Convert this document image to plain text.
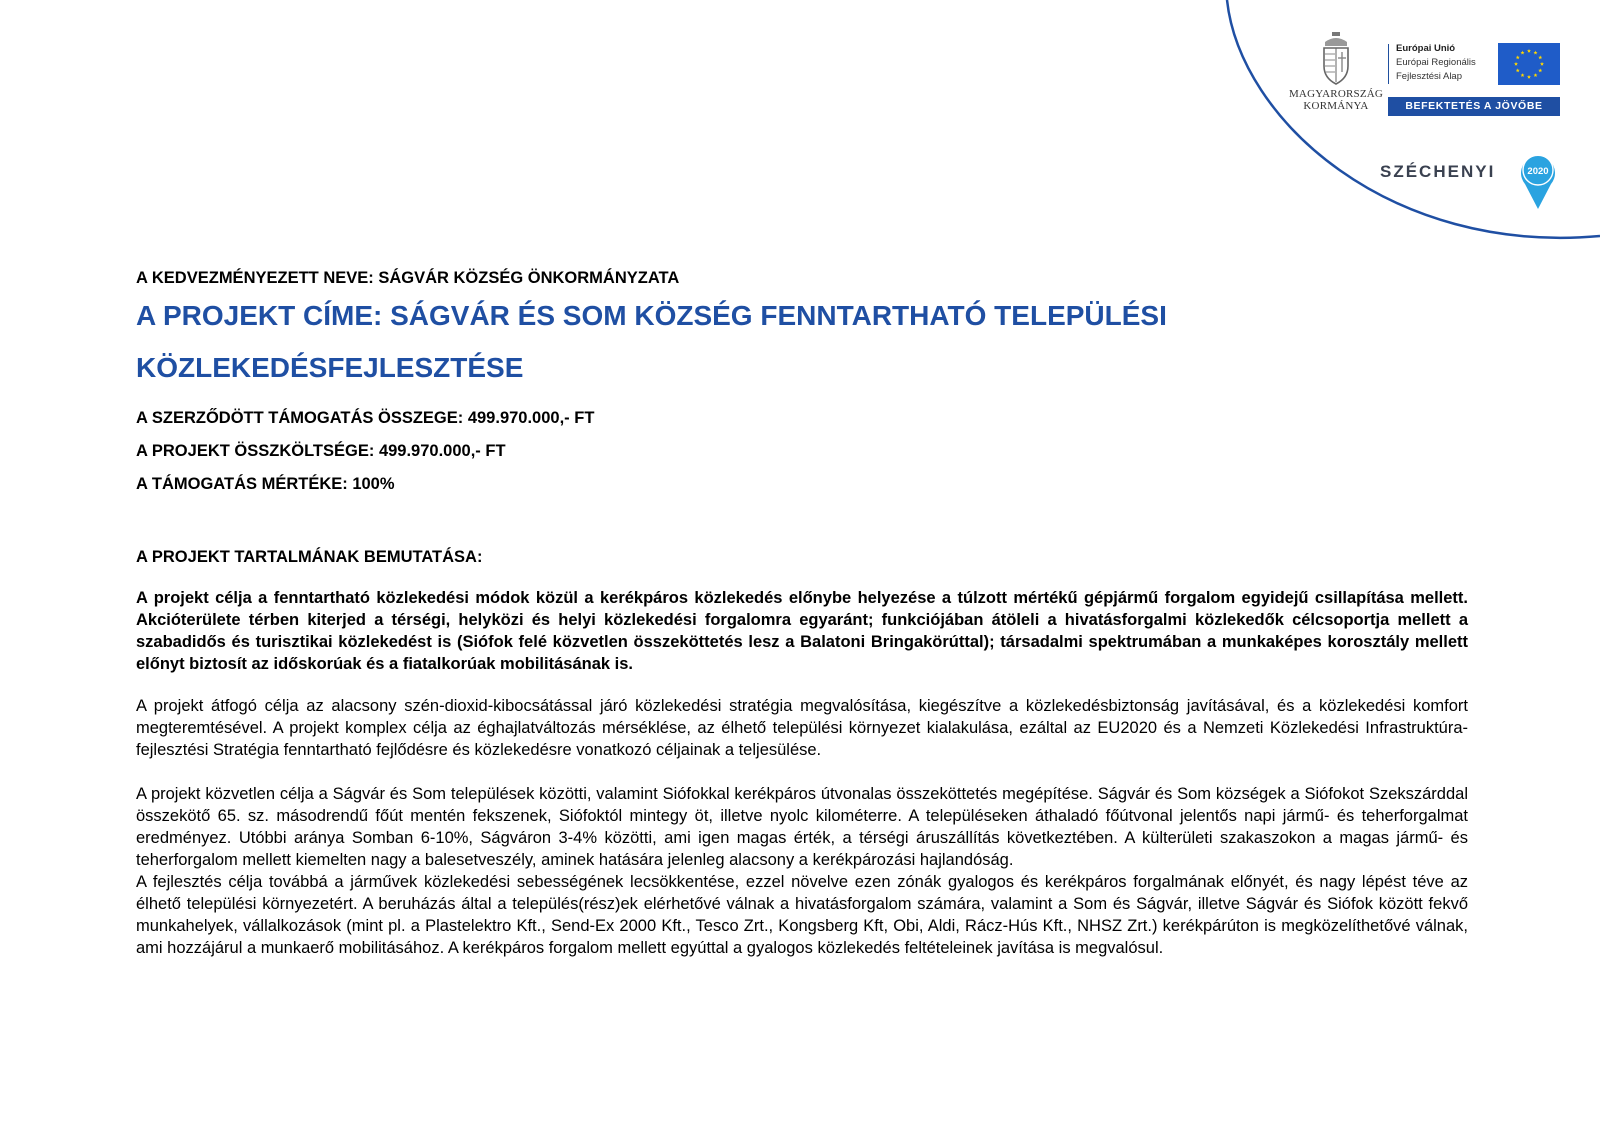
MAGYARORSZÁG
KORMÁNYA
Európai Unió
Európai Regionális
Fejlesztési Alap
BEFEKTETÉS A JÖVŐBE
SZÉCHENYI	2020

A KEDVEZMÉNYEZETT NEVE: SÁGVÁR KÖZSÉG ÖNKORMÁNYZATA

A PROJEKT CÍME: SÁGVÁR ÉS SOM KÖZSÉG FENNTARTHATÓ TELEPÜLÉSI
KÖZLEKEDÉSFEJLESZTÉSE

A SZERZŐDÖTT TÁMOGATÁS ÖSSZEGE: 499.970.000,- FT

A PROJEKT ÖSSZKÖLTSÉGE: 499.970.000,- FT

A TÁMOGATÁS MÉRTÉKE: 100%

A PROJEKT TARTALMÁNAK BEMUTATÁSA:

A projekt célja a fenntartható közlekedési módok közül a kerékpáros közlekedés előnybe helyezése a túlzott mértékű gépjármű forgalom egyidejű csillapítása mellett. Akcióterülete térben kiterjed a térségi, helyközi és helyi közlekedési forgalomra egyaránt; funkciójában átöleli a hivatásforgalmi közlekedők célcsoportja mellett a szabadidős és turisztikai közlekedést is (Siófok felé közvetlen összeköttetés lesz a Balatoni Bringakörúttal); társadalmi spektrumában a munkaképes korosztály mellett előnyt biztosít az időskorúak és a fiatalkorúak mobilitásának is.

A projekt átfogó célja az alacsony szén-dioxid-kibocsátással járó közlekedési stratégia megvalósítása, kiegészítve a közlekedésbiztonság javításával, és a közlekedési komfort megteremtésével. A projekt komplex célja az éghajlatváltozás mérséklése, az élhető települési környezet kialakulása, ezáltal az EU2020 és a Nemzeti Közlekedési Infrastruktúra-fejlesztési Stratégia fenntartható fejlődésre és közlekedésre vonatkozó céljainak a teljesülése.

A projekt közvetlen célja a Ságvár és Som települések közötti, valamint Siófokkal kerékpáros útvonalas összeköttetés megépítése. Ságvár és Som községek a Siófokot Szekszárddal összekötő 65. sz. másodrendű főút mentén fekszenek, Siófoktól mintegy öt, illetve nyolc kilométerre. A településeken áthaladó főútvonal jelentős napi jármű- és teherforgalmat eredményez. Utóbbi aránya Somban 6-10%, Ságváron 3-4% közötti, ami igen magas érték, a térségi áruszállítás következtében. A külterületi szakaszokon a magas jármű- és teherforgalom mellett kiemelten nagy a balesetveszély, aminek hatására jelenleg alacsony a kerékpározási hajlandóság.

A fejlesztés célja továbbá a járművek közlekedési sebességének lecsökkentése, ezzel növelve ezen zónák gyalogos és kerékpáros forgalmának előnyét, és nagy lépést téve az élhető települési környezetért. A beruházás által a település(rész)ek elérhetővé válnak a hivatásforgalom számára, valamint a Som és Ságvár, illetve Ságvár és Siófok között fekvő munkahelyek, vállalkozások (mint pl. a Plastelektro Kft., Send-Ex 2000 Kft., Tesco Zrt., Kongsberg Kft, Obi, Aldi, Rácz-Hús Kft., NHSZ Zrt.) kerékpárúton is megközelíthetővé válnak, ami hozzájárul a munkaerő mobilitásához. A kerékpáros forgalom mellett egyúttal a gyalogos közlekedés feltételeinek javítása is megvalósul.
